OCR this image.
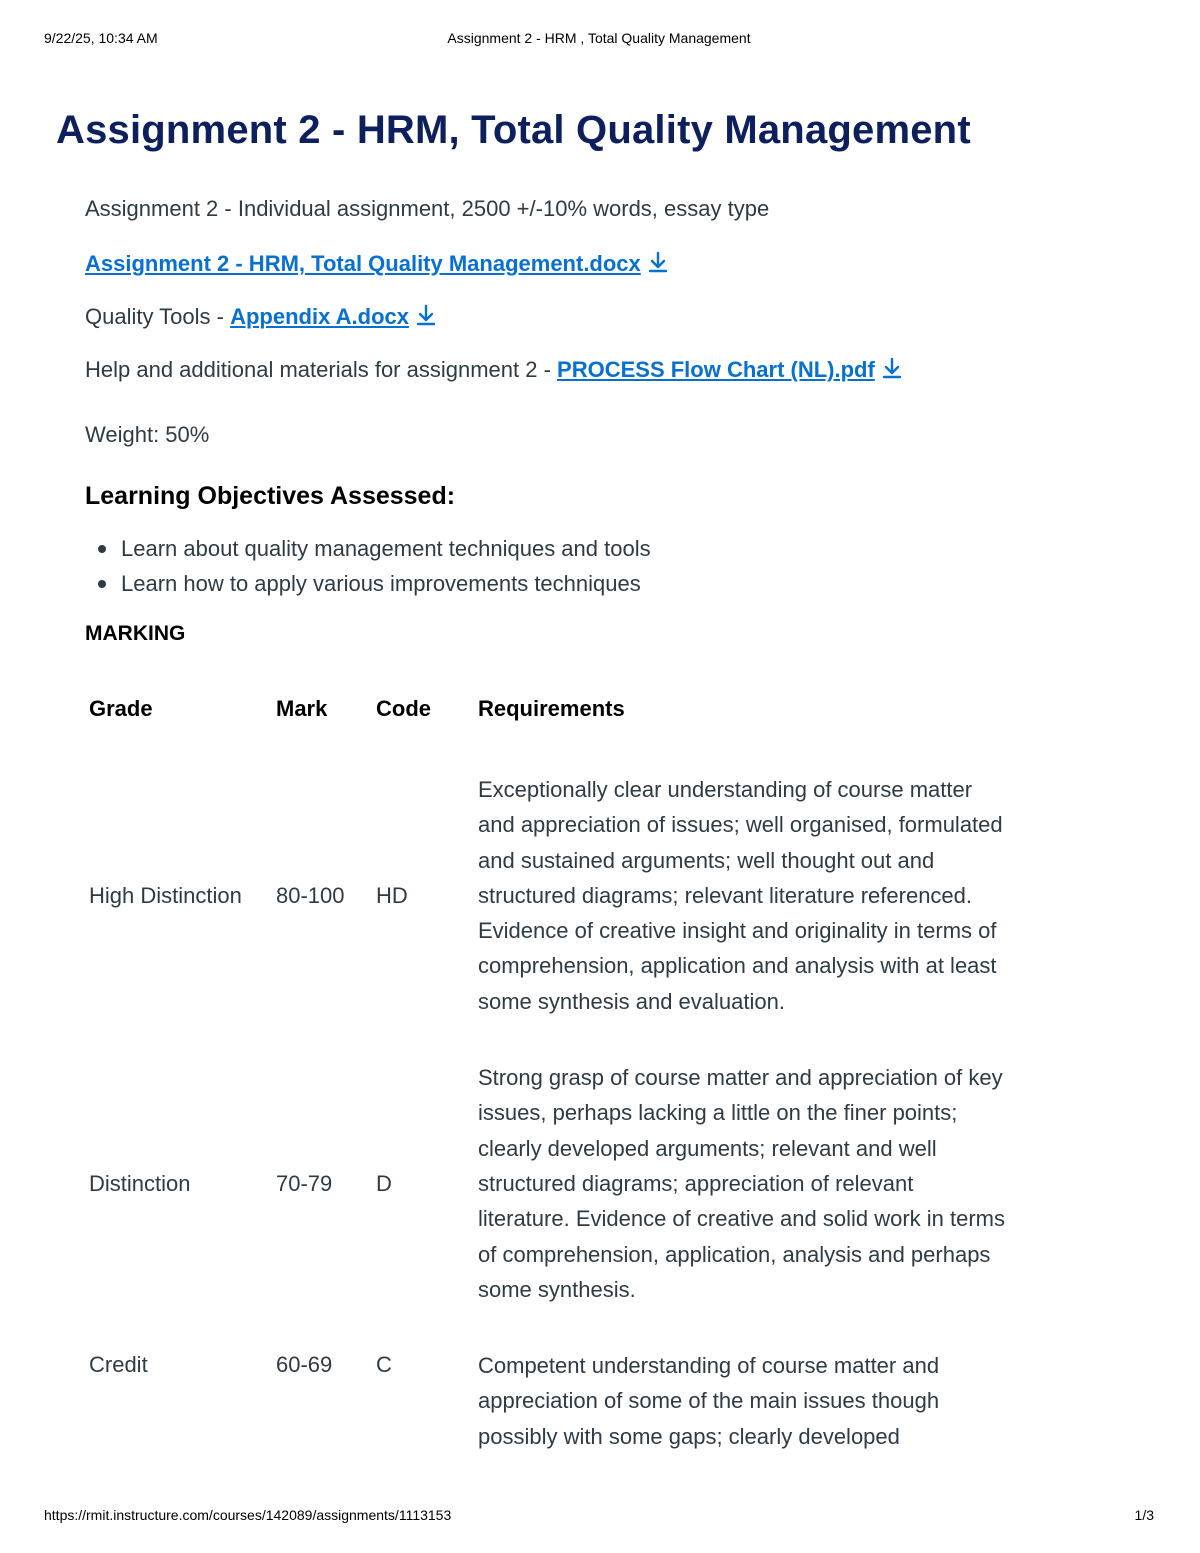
9/22/25, 10:34 AM	Assignment 2 - HRM , Total Quality Management
Assignment 2 - HRM, Total Quality Management

Assignment 2 - Individual assignment, 2500 +/-10% words, essay type

Assignment 2 - HRM, Total Quality Management.docx

Quality Tools - Appendix A.docx

Help and additional materials for assignment 2 - PROCESS Flow Chart (NL).pdf

Weight: 50%

Learning Objectives Assessed:
Learn about quality management techniques and tools
Learn how to apply various improvements techniques
MARKING
Grade	Mark	Code	Requirements

High Distinction	80-100	HD	Exceptionally clear understanding of course matter and appreciation of issues; well organised, formulated and sustained arguments; well thought out and structured diagrams; relevant literature referenced. Evidence of creative insight and originality in terms of comprehension, application and analysis with at least some synthesis and evaluation.

Distinction	70-79	D	Strong grasp of course matter and appreciation of key issues, perhaps lacking a little on the finer points; clearly developed arguments; relevant and well structured diagrams; appreciation of relevant literature. Evidence of creative and solid work in terms of comprehension, application, analysis and perhaps some synthesis.

Credit	60-69	C	Competent understanding of course matter and appreciation of some of the main issues though possibly with some gaps; clearly developed
https://rmit.instructure.com/courses/142089/assignments/1113153	1/3
